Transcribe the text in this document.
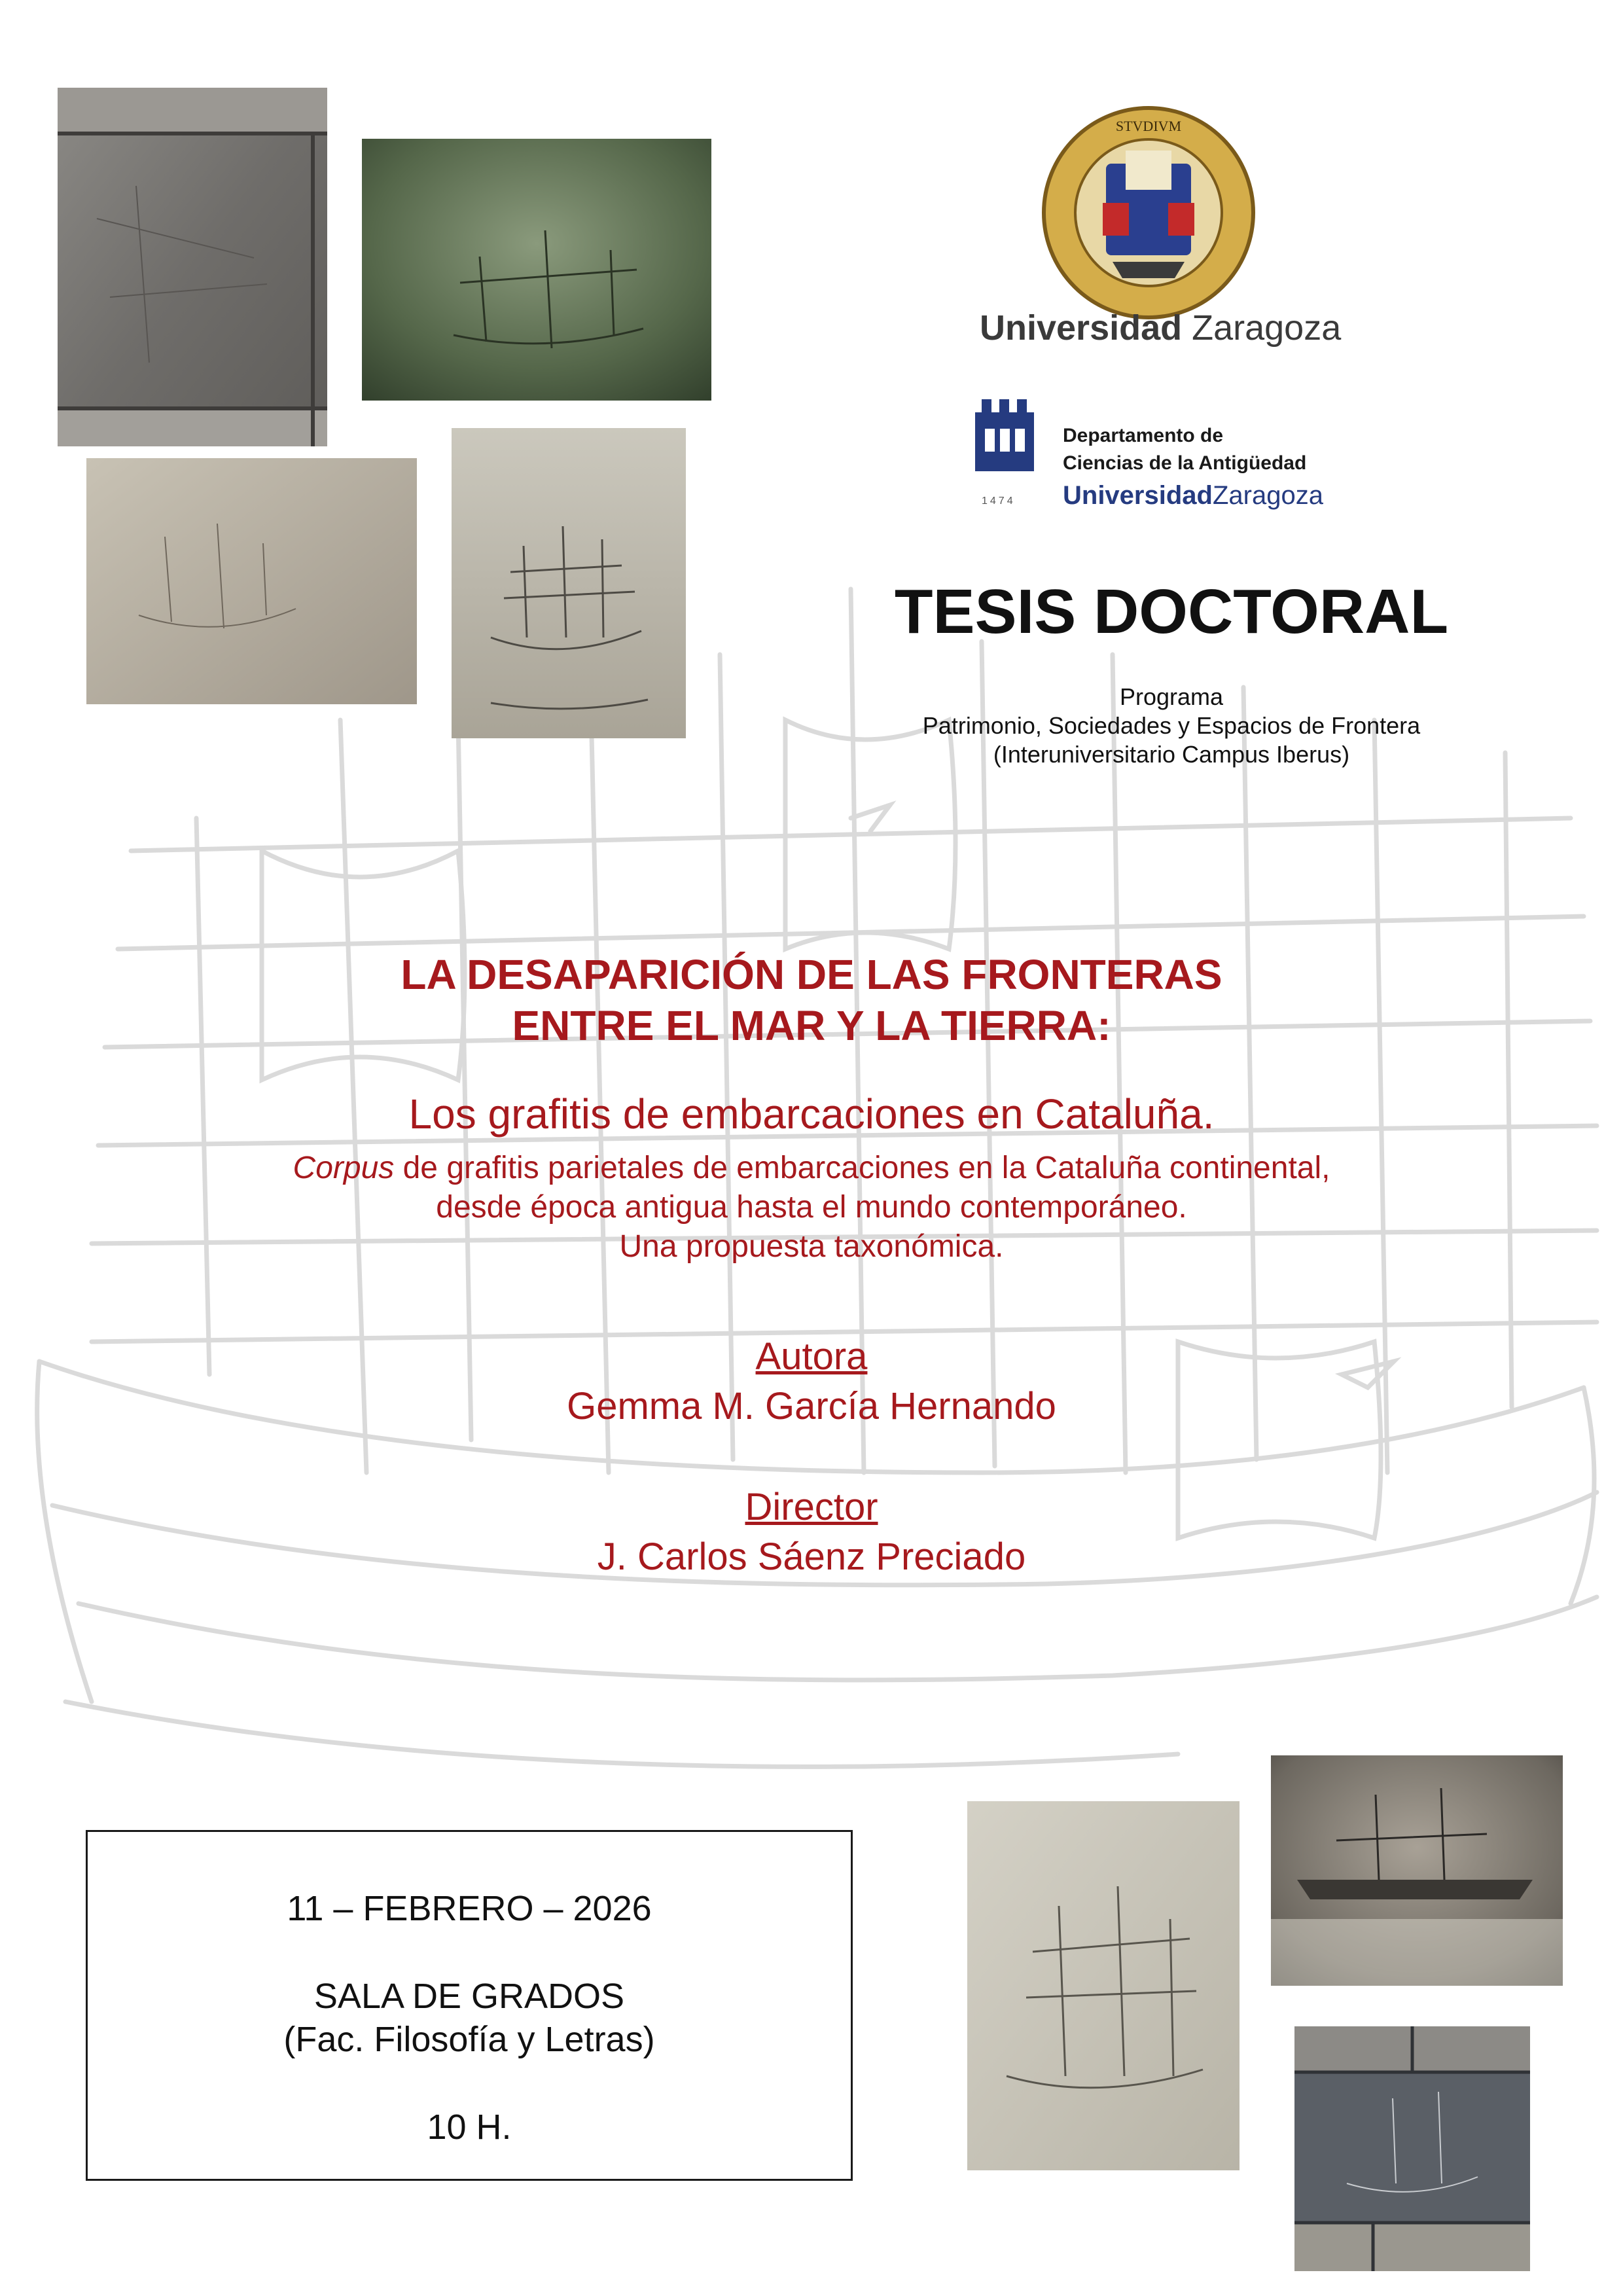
STVDIVM
Universidad Zaragoza
1474
Departamento de
Ciencias de la Antigüedad
UniversidadZaragoza
TESIS DOCTORAL
Programa
Patrimonio, Sociedades y Espacios de Frontera
(Interuniversitario Campus Iberus)
LA DESAPARICIÓN DE LAS FRONTERAS
ENTRE EL MAR Y LA TIERRA:
Los grafitis de embarcaciones en Cataluña.
Corpus de grafitis parietales de embarcaciones en la Cataluña continental,
desde época antigua hasta el mundo contemporáneo.
Una propuesta taxonómica.
Autora
Gemma M. García Hernando
Director
J. Carlos Sáenz Preciado
11 – FEBRERO – 2026
SALA DE GRADOS
(Fac. Filosofía y Letras)
10 H.
